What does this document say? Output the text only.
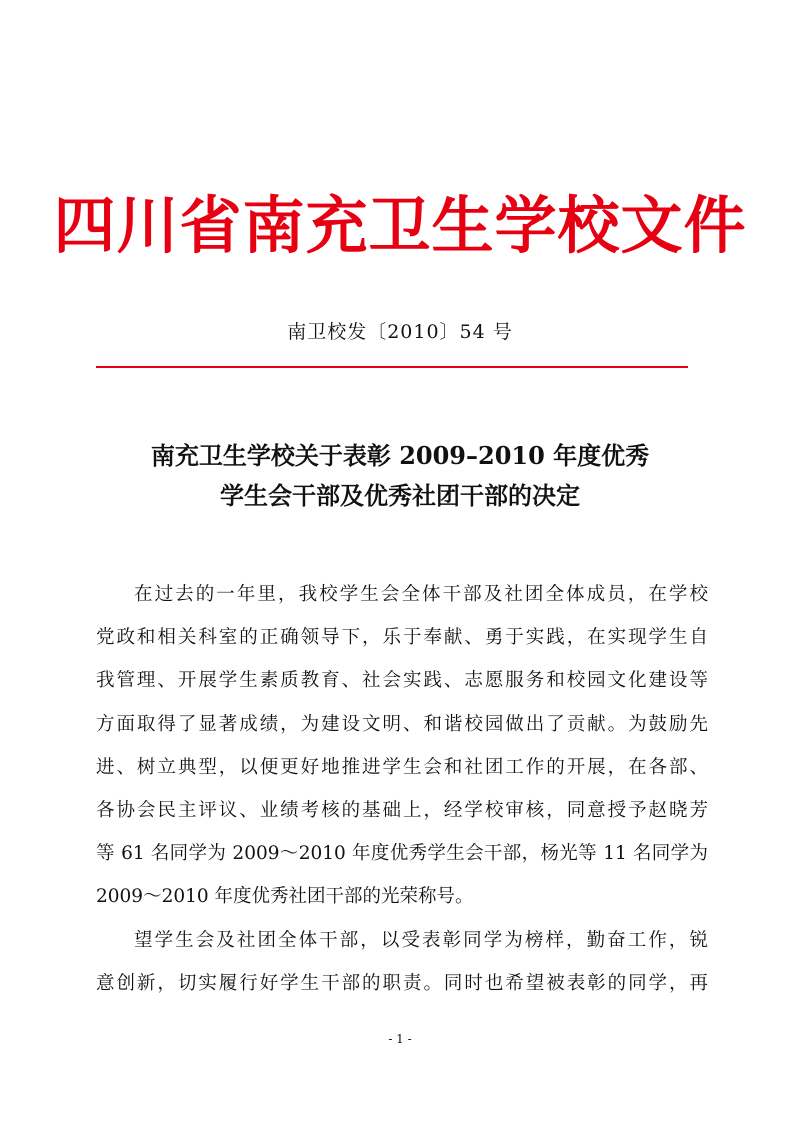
四川省南充卫生学校文件
南卫校发〔2010〕54 号
南充卫生学校关于表彰 2009–2010 年度优秀
学生会干部及优秀社团干部的决定
在过去的一年里，我校学生会全体干部及社团全体成员，在学校
党政和相关科室的正确领导下，乐于奉献、勇于实践，在实现学生自
我管理、开展学生素质教育、社会实践、志愿服务和校园文化建设等
方面取得了显著成绩，为建设文明、和谐校园做出了贡献。为鼓励先
进、树立典型，以便更好地推进学生会和社团工作的开展，在各部、
各协会民主评议、业绩考核的基础上，经学校审核，同意授予赵晓芳
等 61 名同学为 2009～2010 年度优秀学生会干部，杨光等 11 名同学为
2009～2010 年度优秀社团干部的光荣称号。
望学生会及社团全体干部，以受表彰同学为榜样，勤奋工作，锐
意创新，切实履行好学生干部的职责。同时也希望被表彰的同学，再
- 1 -
